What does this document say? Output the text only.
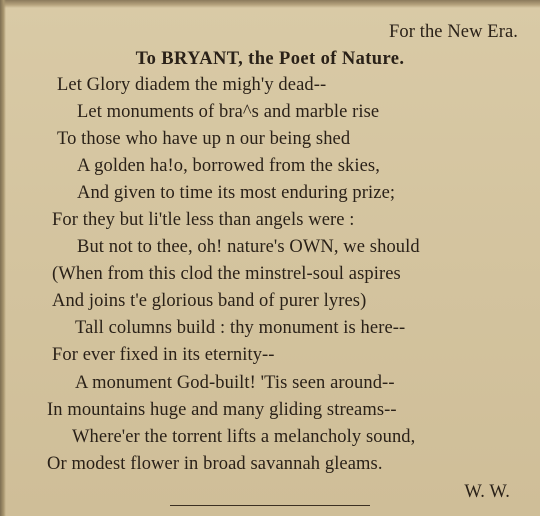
For the New Era.
To BRYANT, the Poet of Nature.
Let Glory diadem the migh'y dead--
Let monuments of bra^s and marble rise
To those who have up n our being shed
A golden ha!o, borrowed from the skies,
And given to time its most enduring prize;
For they but li'tle less than angels were :
But not to thee, oh! nature's OWN, we should
(When from this clod the minstrel-soul aspires
And joins t'e glorious band of purer lyres)
Tall columns build : thy monument is here--
For ever fixed in its eternity--
A monument God-built! 'Tis seen around--
In mountains huge and many gliding streams--
Where'er the torrent lifts a melancholy sound,
Or modest flower in broad savannah gleams.
W. W.
